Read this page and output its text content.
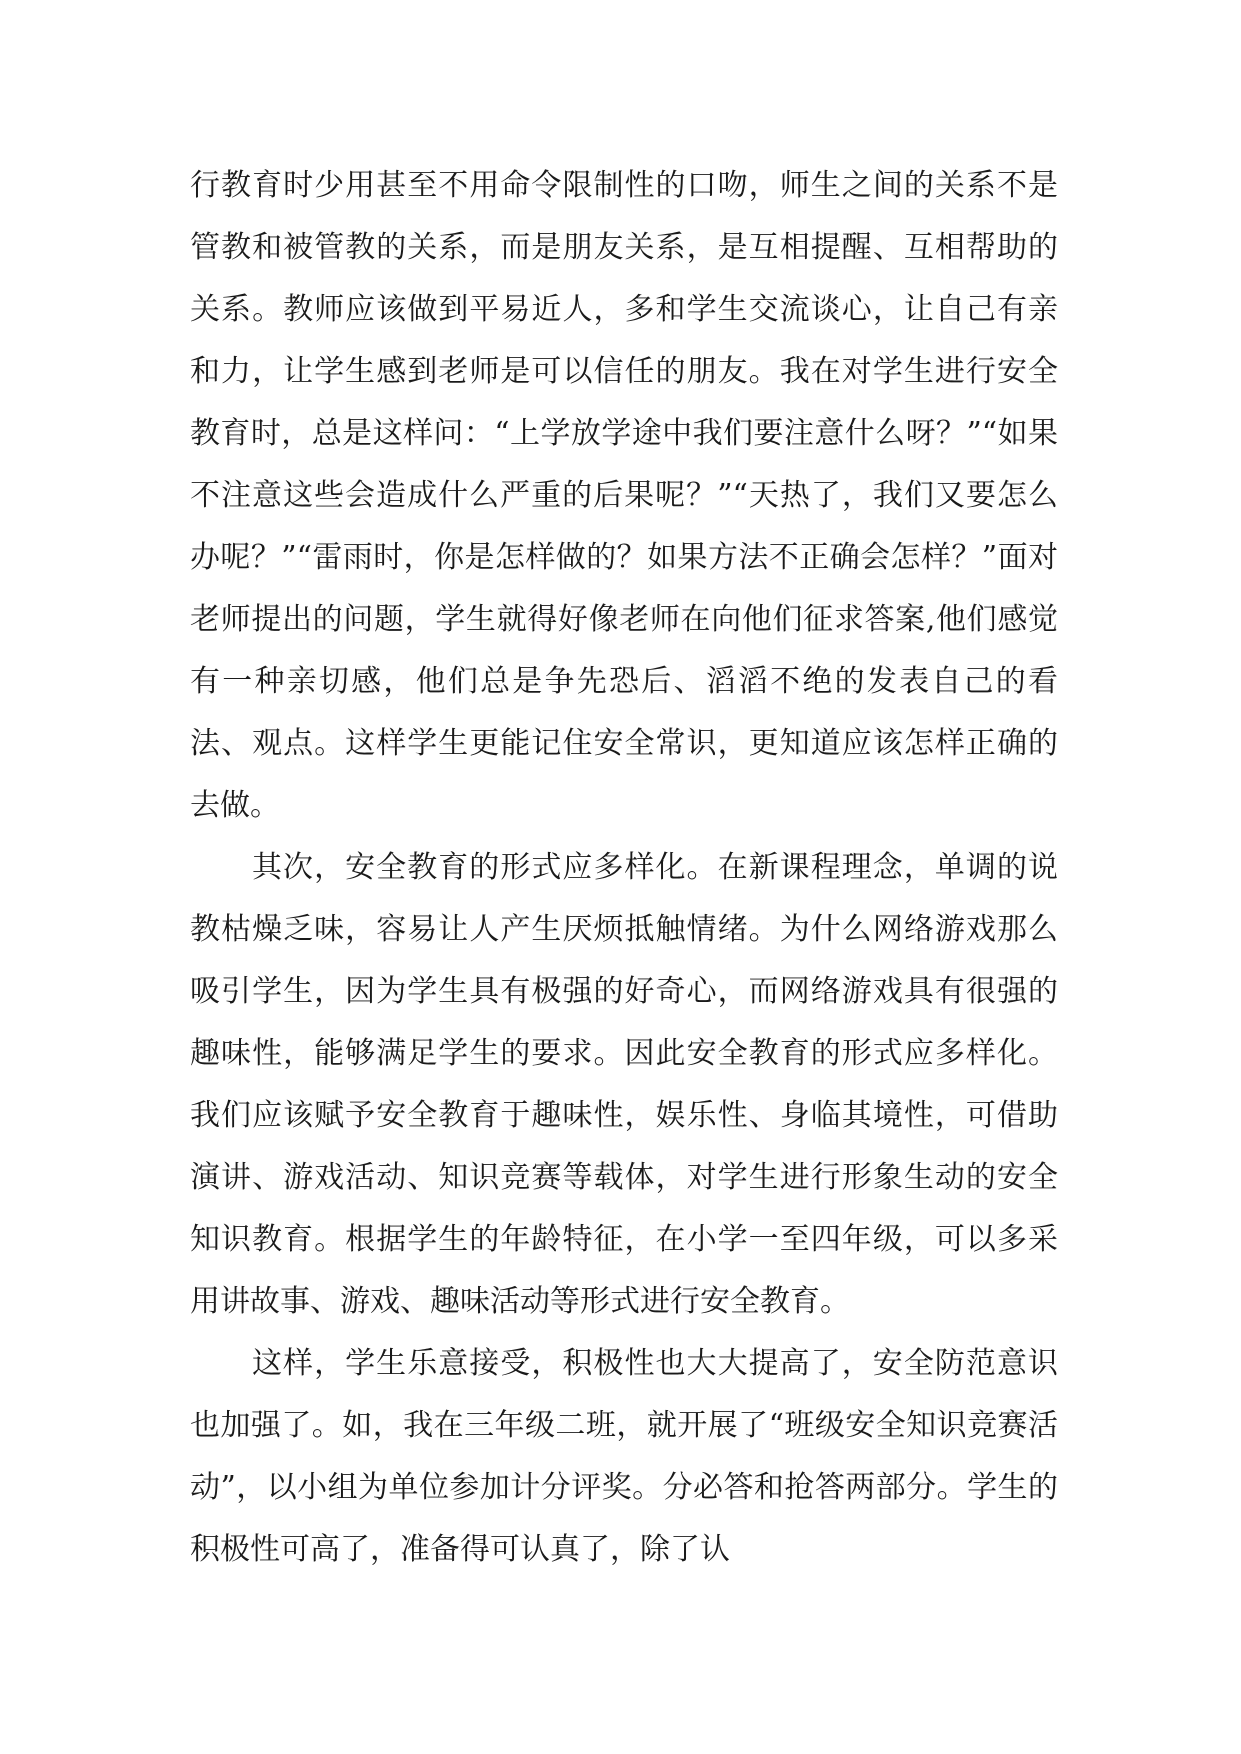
行教育时少用甚至不用命令限制性的口吻，师生之间的关系不是管教和被管教的关系，而是朋友关系，是互相提醒、互相帮助的关系。教师应该做到平易近人，多和学生交流谈心，让自己有亲和力，让学生感到老师是可以信任的朋友。我在对学生进行安全教育时，总是这样问：“上学放学途中我们要注意什么呀？”“如果不注意这些会造成什么严重的后果呢？”“天热了，我们又要怎么办呢？”“雷雨时，你是怎样做的？如果方法不正确会怎样？”面对老师提出的问题，学生就得好像老师在向他们征求答案,他们感觉有一种亲切感，他们总是争先恐后、滔滔不绝的发表自己的看法、观点。这样学生更能记住安全常识，更知道应该怎样正确的去做。

其次，安全教育的形式应多样化。在新课程理念，单调的说教枯燥乏味，容易让人产生厌烦抵触情绪。为什么网络游戏那么吸引学生，因为学生具有极强的好奇心，而网络游戏具有很强的趣味性，能够满足学生的要求。因此安全教育的形式应多样化。我们应该赋予安全教育于趣味性，娱乐性、身临其境性，可借助演讲、游戏活动、知识竞赛等载体，对学生进行形象生动的安全知识教育。根据学生的年龄特征，在小学一至四年级，可以多采用讲故事、游戏、趣味活动等形式进行安全教育。

这样，学生乐意接受，积极性也大大提高了，安全防范意识也加强了。如，我在三年级二班，就开展了“班级安全知识竞赛活动”，以小组为单位参加计分评奖。分必答和抢答两部分。学生的积极性可高了，准备得可认真了，除了认
